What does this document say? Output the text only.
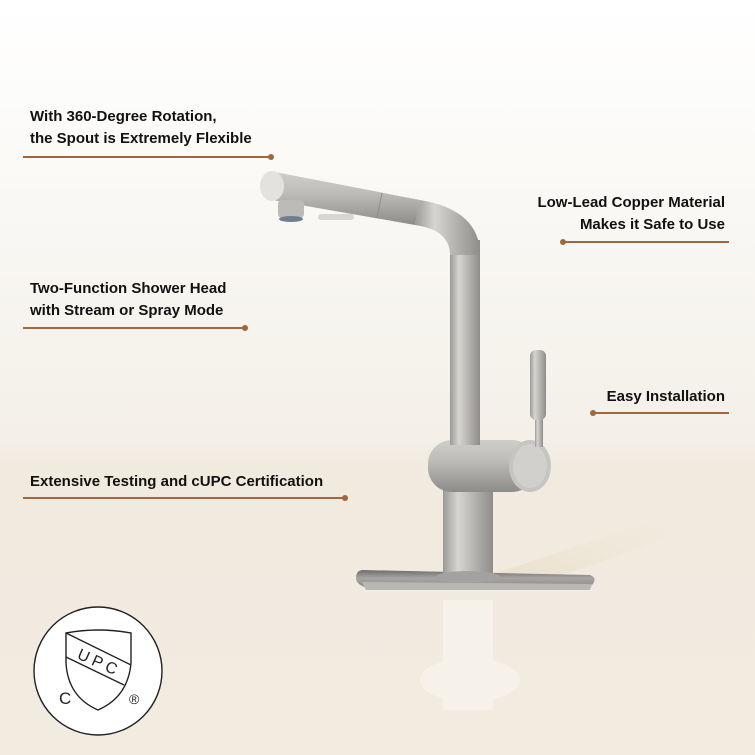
With 360-Degree Rotation,
the Spout is Extremely Flexible
Low-Lead Copper Material
Makes it Safe to Use
Two-Function Shower Head
with Stream or Spray Mode
Easy Installation
Extensive Testing and cUPC Certification
UPC
C	®
